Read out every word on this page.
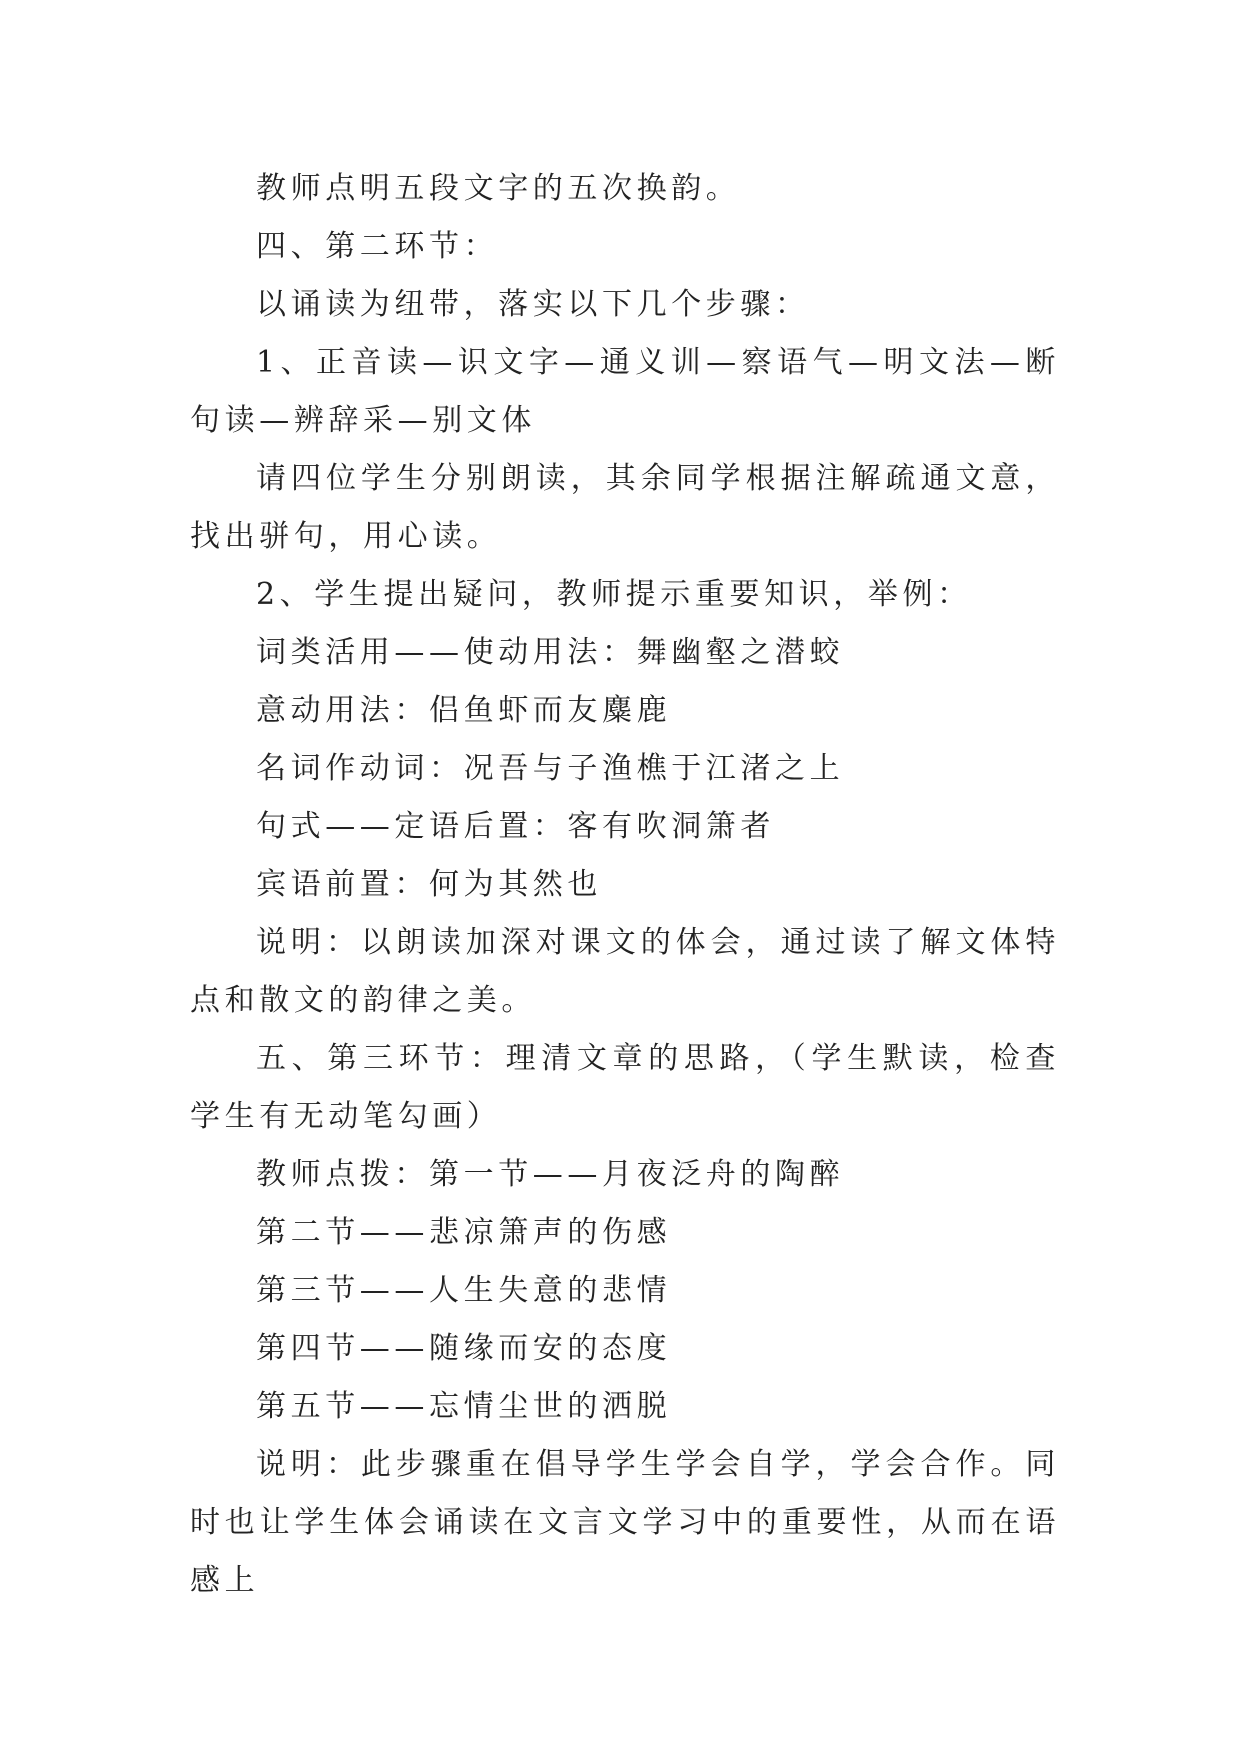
教师点明五段文字的五次换韵。

四、第二环节：

以诵读为纽带，落实以下几个步骤：

1、正音读—识文字—通义训—察语气—明文法—断句读—辨辞采—别文体

请四位学生分别朗读，其余同学根据注解疏通文意，找出骈句，用心读。

2、学生提出疑问，教师提示重要知识，举例：

词类活用——使动用法：舞幽壑之潜蛟

意动用法：侣鱼虾而友麋鹿

名词作动词：况吾与子渔樵于江渚之上

句式——定语后置：客有吹洞箫者

宾语前置：何为其然也

说明：以朗读加深对课文的体会，通过读了解文体特点和散文的韵律之美。

五、第三环节：理清文章的思路，（学生默读，检查学生有无动笔勾画）

教师点拨：第一节——月夜泛舟的陶醉

第二节——悲凉箫声的伤感

第三节——人生失意的悲情

第四节——随缘而安的态度

第五节——忘情尘世的洒脱

说明：此步骤重在倡导学生学会自学，学会合作。同时也让学生体会诵读在文言文学习中的重要性，从而在语感上
